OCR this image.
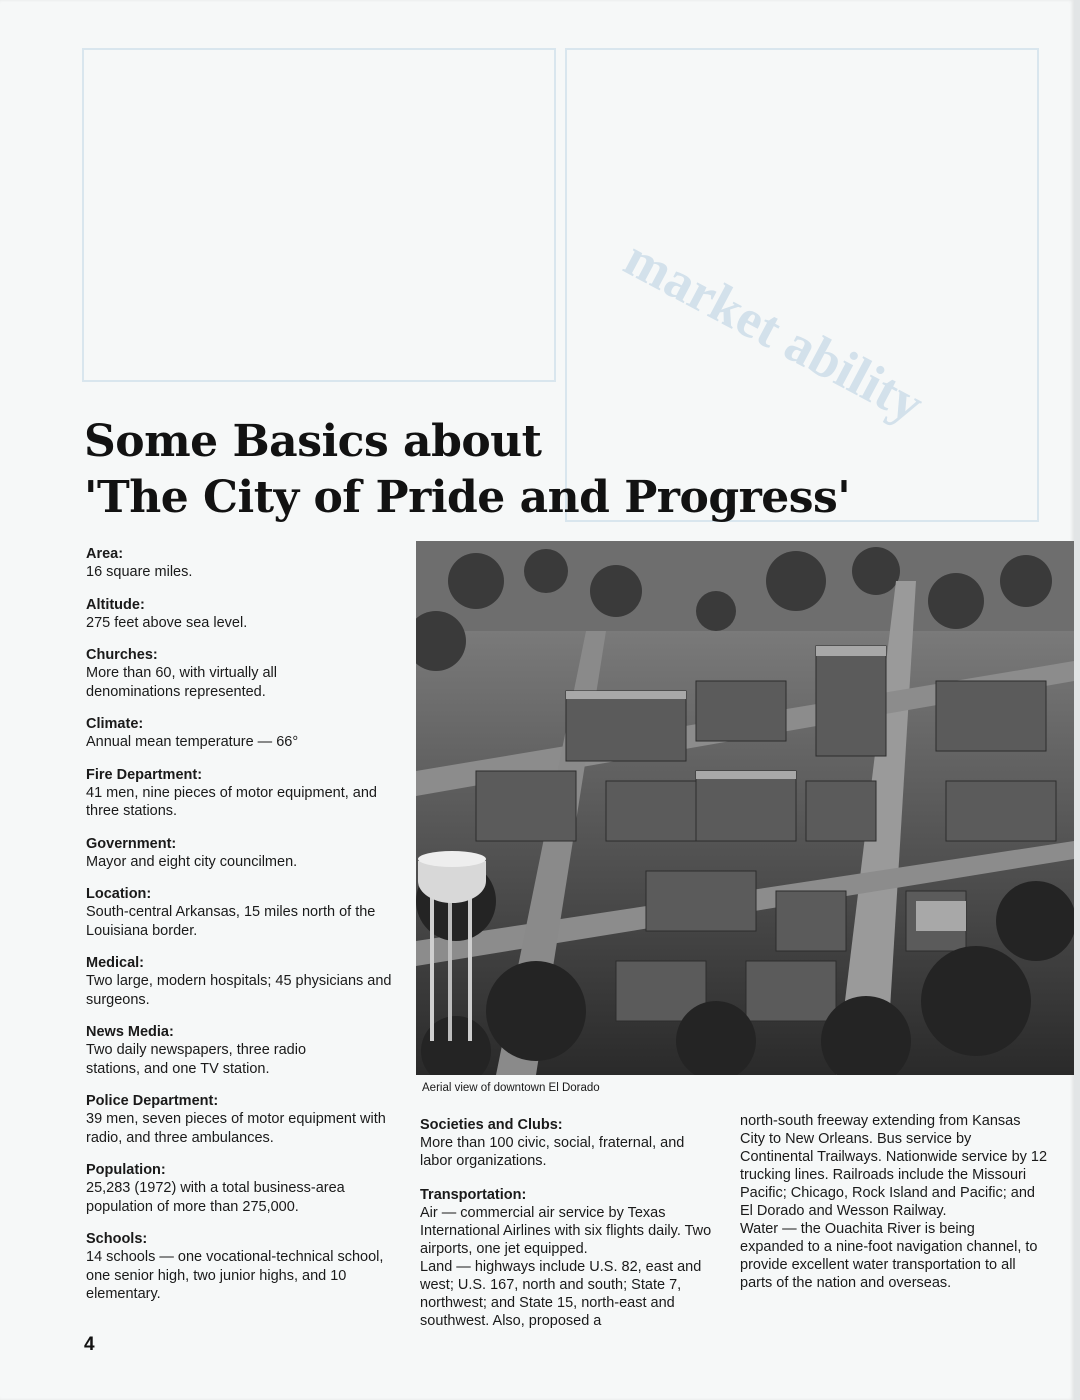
market ability
Some Basics about
'The City of Pride and Progress'
Area:
16 square miles.
Altitude:
275 feet above sea level.
Churches:
More than 60, with virtually all denominations represented.
Climate:
Annual mean temperature — 66°
Fire Department:
41 men, nine pieces of motor equipment, and three stations.
Government:
Mayor and eight city councilmen.
Location:
South-central Arkansas, 15 miles north of the Louisiana border.
Medical:
Two large, modern hospitals; 45 physicians and surgeons.
News Media:
Two daily newspapers, three radio stations, and one TV station.
Police Department:
39 men, seven pieces of motor equipment with radio, and three ambulances.
Population:
25,283 (1972) with a total business-area population of more than 275,000.
Schools:
14 schools — one vocational-technical school, one senior high, two junior highs, and 10 elementary.
Aerial view of downtown El Dorado

Societies and Clubs:

More than 100 civic, social, fraternal, and labor organizations.

Transportation:

Air — commercial air service by Texas International Airlines with six flights daily. Two airports, one jet equipped.

Land — highways include U.S. 82, east and west; U.S. 167, north and south; State 7, northwest; and State 15, north-east and southwest. Also, proposed a

north-south freeway extending from Kansas City to New Orleans. Bus service by Continental Trailways. Nationwide service by 12 trucking lines. Railroads include the Missouri Pacific; Chicago, Rock Island and Pacific; and El Dorado and Wesson Railway.

Water — the Ouachita River is being expanded to a nine-foot navigation channel, to provide excellent water transportation to all parts of the nation and overseas.

4
